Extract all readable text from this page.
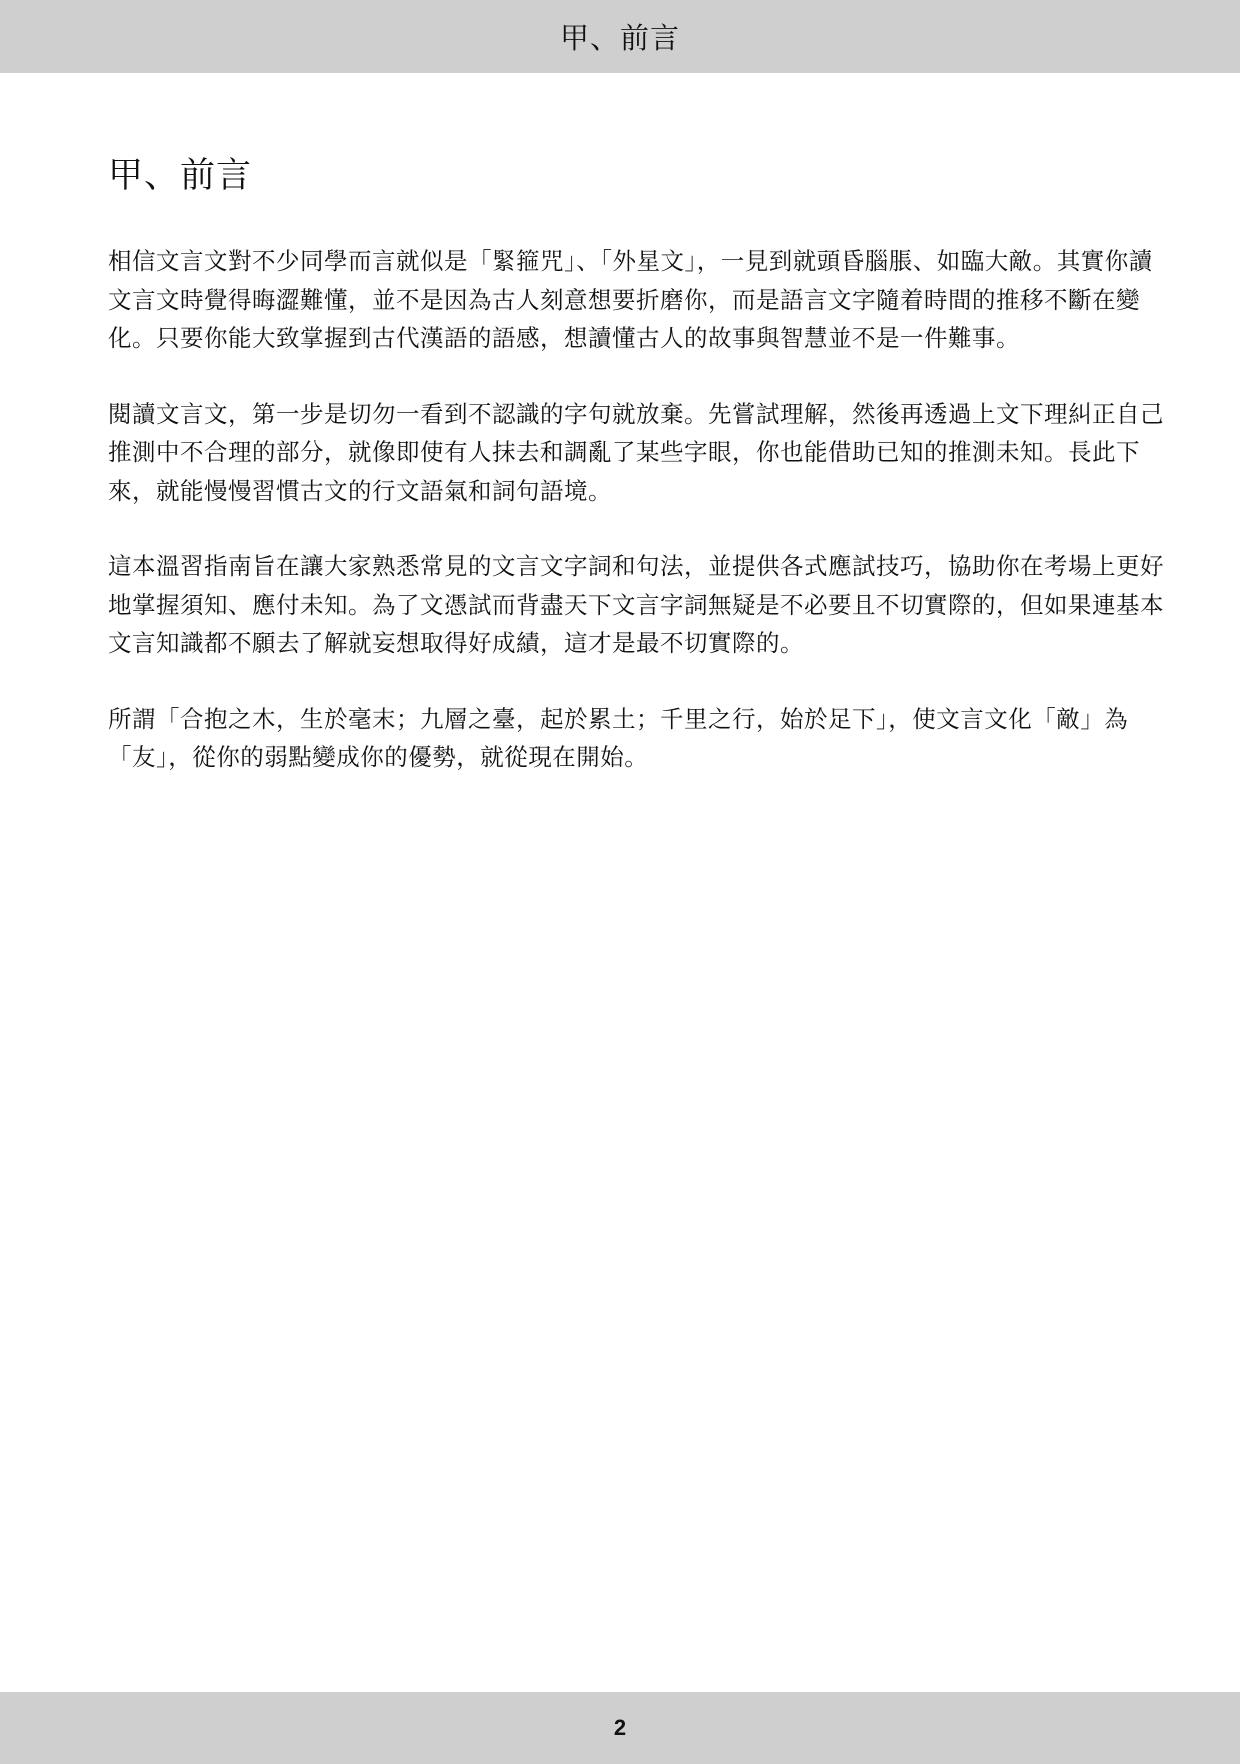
甲、前言
甲、前言

相信文言文對不少同學而言就似是「緊箍咒」、「外星文」，一見到就頭昏腦脹、如臨大敵。其實你讀文言文時覺得晦澀難懂，並不是因為古人刻意想要折磨你，而是語言文字隨着時間的推移不斷在變化。只要你能大致掌握到古代漢語的語感，想讀懂古人的故事與智慧並不是一件難事。

閱讀文言文，第一步是切勿一看到不認識的字句就放棄。先嘗試理解，然後再透過上文下理糾正自己推測中不合理的部分，就像即使有人抹去和調亂了某些字眼，你也能借助已知的推測未知。長此下來，就能慢慢習慣古文的行文語氣和詞句語境。

這本溫習指南旨在讓大家熟悉常見的文言文字詞和句法，並提供各式應試技巧，協助你在考場上更好地掌握須知、應付未知。為了文憑試而背盡天下文言字詞無疑是不必要且不切實際的，但如果連基本文言知識都不願去了解就妄想取得好成績，這才是最不切實際的。

所謂「合抱之木，生於毫末；九層之臺，起於累土；千里之行，始於足下」，使文言文化「敵」為「友」，從你的弱點變成你的優勢，就從現在開始。

2
